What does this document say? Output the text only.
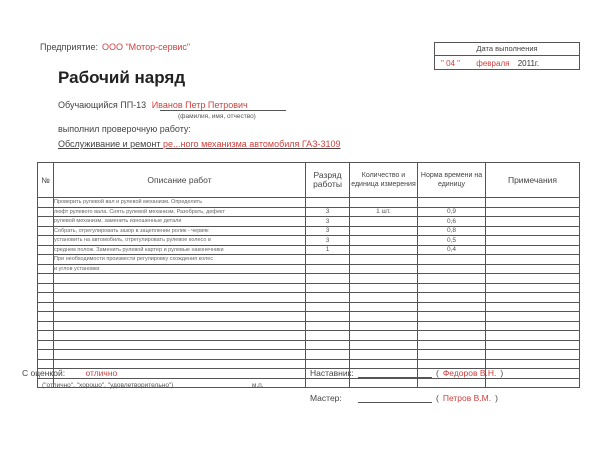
Предприятие: ООО "Мотор-сервис"	Дата выполнения
" 04 " февраля 2011г.
Рабочий наряд
Обучающийся ПП-13 Иванов Петр Петрович
(фамилия, имя, отчество)
выполнил проверочную работу:
Обслуживание и ремонт ре...ного механизма автомобиля ГАЗ-3109
№	Описание работ	Разряд работы	Количество и единица измерения	Норма времени на единицу	Примечания
	Проверить рулевой вал и рулевой механизм. Определить				
	люфт рулевого вала. Снять рулевой механизм. Разобрать, дефект	3	1 шт.	0,9	
	рулевой механизм, заменить изношенные детали	3		0,6	
	Собрать, отрегулировать зазор в зацеплении ролик - червяк	3		0,8	
	установить на автомобиль, отрегулировать рулевое колесо в	3		0,5	
	среднем полож. Заменить рулевой картер и рулевые наконечники	1		0,4	
	При необходимости произвести регулировку схождения колес				
	и углов установки				

С оценкой: отлично
("отлично", "хорошо", "удовлетворительно")	м.п.
Наставник:	( Федоров В.Н. )
Мастер:	( Петров В.М. )
